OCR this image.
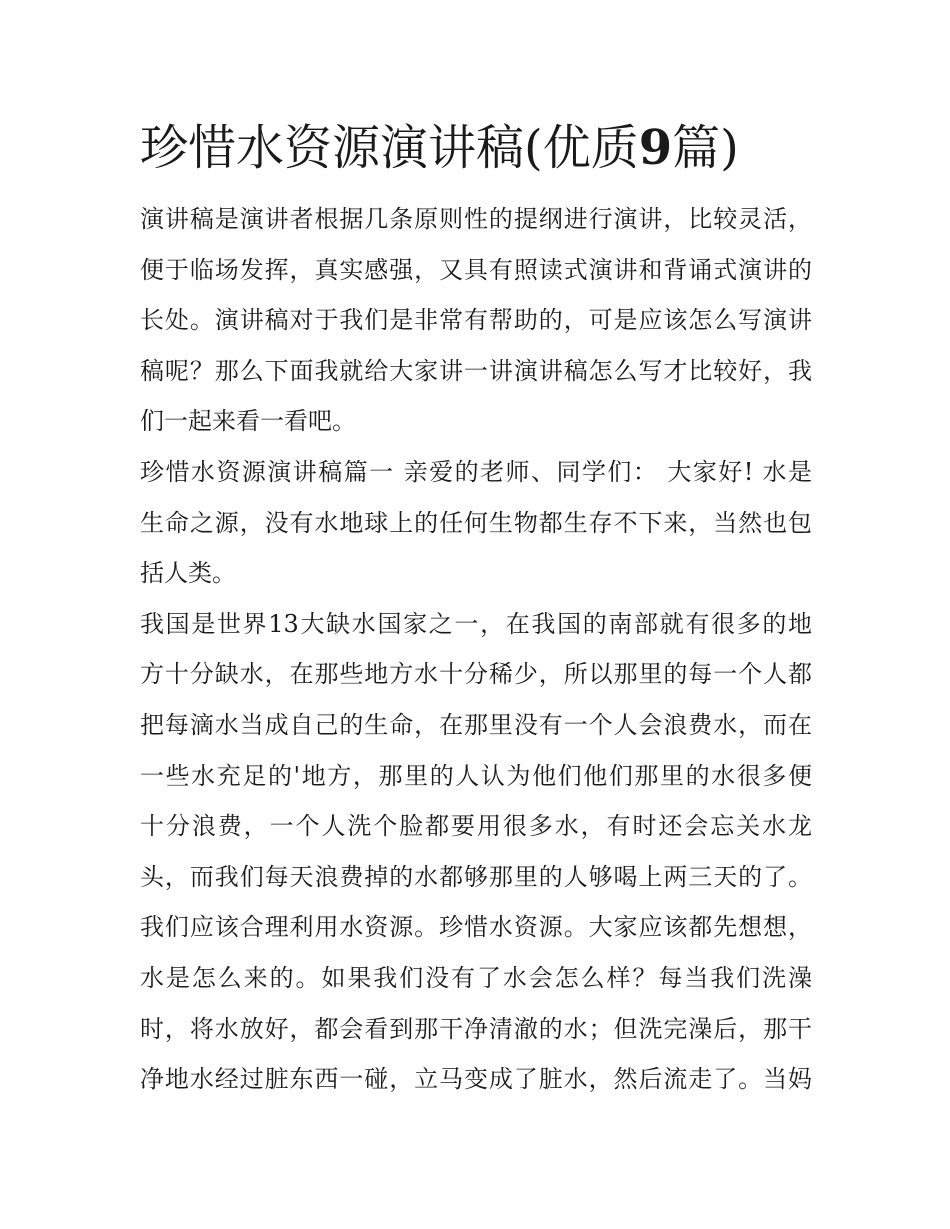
珍惜水资源演讲稿(优质9篇)

演讲稿是演讲者根据几条原则性的提纲进行演讲，比较灵活，
便于临场发挥，真实感强，又具有照读式演讲和背诵式演讲的
长处。演讲稿对于我们是非常有帮助的，可是应该怎么写演讲
稿呢？那么下面我就给大家讲一讲演讲稿怎么写才比较好，我
们一起来看一看吧。

珍惜水资源演讲稿篇一 亲爱的老师、同学们： 大家好! 水是
生命之源，没有水地球上的任何生物都生存不下来，当然也包
括人类。

我国是世界13大缺水国家之一，在我国的南部就有很多的地
方十分缺水，在那些地方水十分稀少，所以那里的每一个人都
把每滴水当成自己的生命，在那里没有一个人会浪费水，而在
一些水充足的'地方，那里的人认为他们他们那里的水很多便
十分浪费，一个人洗个脸都要用很多水，有时还会忘关水龙
头，而我们每天浪费掉的水都够那里的人够喝上两三天的了。
我们应该合理利用水资源。珍惜水资源。大家应该都先想想，
水是怎么来的。如果我们没有了水会怎么样？每当我们洗澡
时，将水放好，都会看到那干净清澈的水；但洗完澡后，那干
净地水经过脏东西一碰，立马变成了脏水，然后流走了。当妈
